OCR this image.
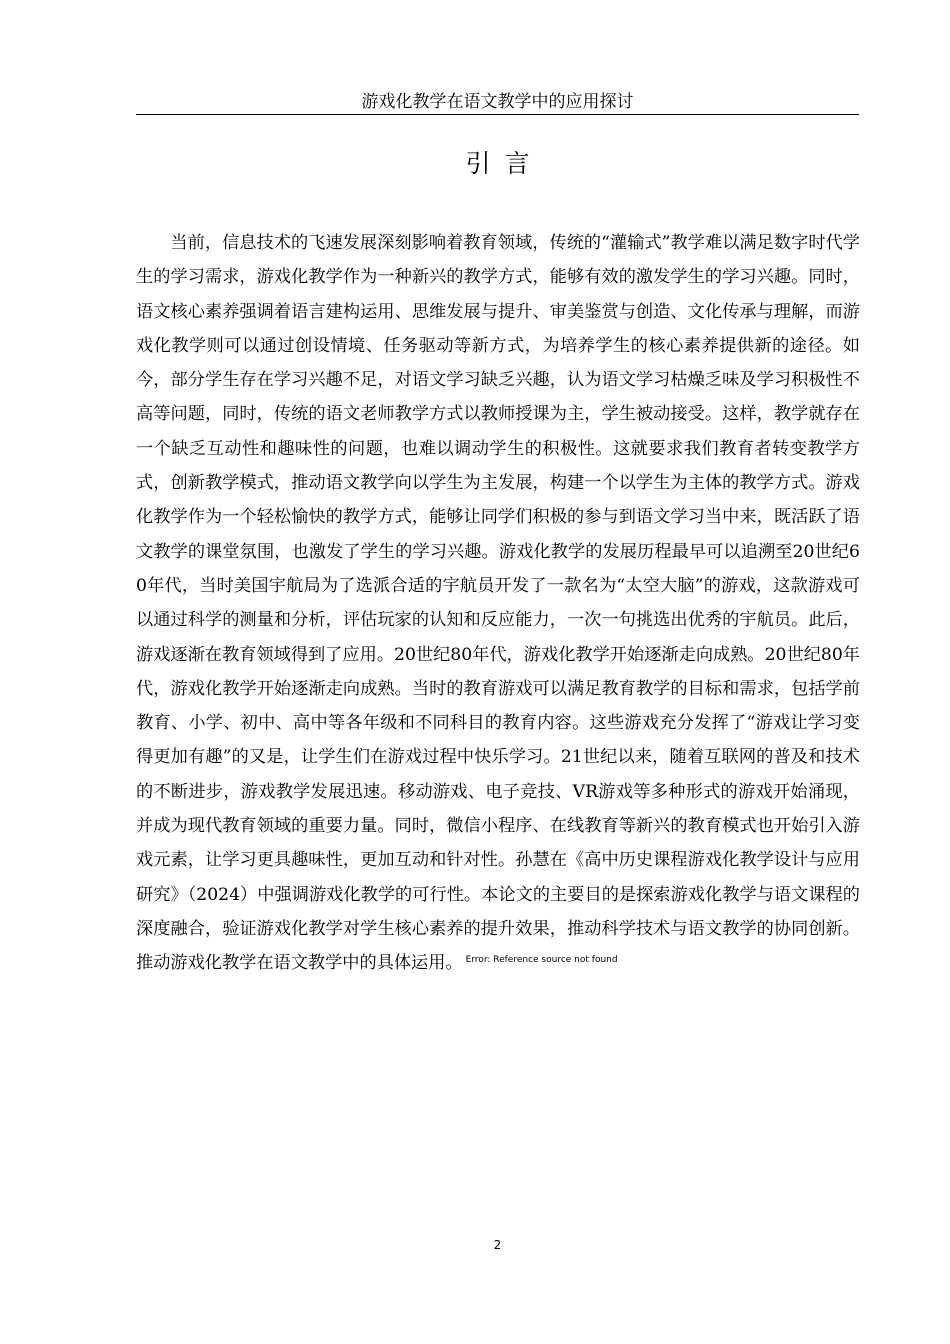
游戏化教学在语文教学中的应用探讨
引言

当前，信息技术的飞速发展深刻影响着教育领域，传统的“灌输式”教学难以满足数字时代学生的学习需求，游戏化教学作为一种新兴的教学方式，能够有效的激发学生的学习兴趣。同时，语文核心素养强调着语言建构运用、思维发展与提升、审美鉴赏与创造、文化传承与理解，而游戏化教学则可以通过创设情境、任务驱动等新方式，为培养学生的核心素养提供新的途径。如今，部分学生存在学习兴趣不足，对语文学习缺乏兴趣，认为语文学习枯燥乏味及学习积极性不高等问题，同时，传统的语文老师教学方式以教师授课为主，学生被动接受。这样，教学就存在一个缺乏互动性和趣味性的问题，也难以调动学生的积极性。这就要求我们教育者转变教学方式，创新教学模式，推动语文教学向以学生为主发展，构建一个以学生为主体的教学方式。游戏化教学作为一个轻松愉快的教学方式，能够让同学们积极的参与到语文学习当中来，既活跃了语文教学的课堂氛围，也激发了学生的学习兴趣。游戏化教学的发展历程最早可以追溯至20世纪60年代，当时美国宇航局为了选派合适的宇航员开发了一款名为“太空大脑”的游戏，这款游戏可以通过科学的测量和分析，评估玩家的认知和反应能力，一次一句挑选出优秀的宇航员。此后，游戏逐渐在教育领域得到了应用。20世纪80年代，游戏化教学开始逐渐走向成熟。20世纪80年代，游戏化教学开始逐渐走向成熟。当时的教育游戏可以满足教育教学的目标和需求，包括学前教育、小学、初中、高中等各年级和不同科目的教育内容。这些游戏充分发挥了“游戏让学习变得更加有趣”的又是，让学生们在游戏过程中快乐学习。21世纪以来，随着互联网的普及和技术的不断进步，游戏教学发展迅速。移动游戏、电子竞技、VR游戏等多种形式的游戏开始涌现，并成为现代教育领域的重要力量。同时，微信小程序、在线教育等新兴的教育模式也开始引入游戏元素，让学习更具趣味性，更加互动和针对性。孙慧在《高中历史课程游戏化教学设计与应用研究》（2024）中强调游戏化教学的可行性。本论文的主要目的是探索游戏化教学与语文课程的深度融合，验证游戏化教学对学生核心素养的提升效果，推动科学技术与语文教学的协同创新。推动游戏化教学在语文教学中的具体运用。 $^{Error: Reference source not found}$

2
